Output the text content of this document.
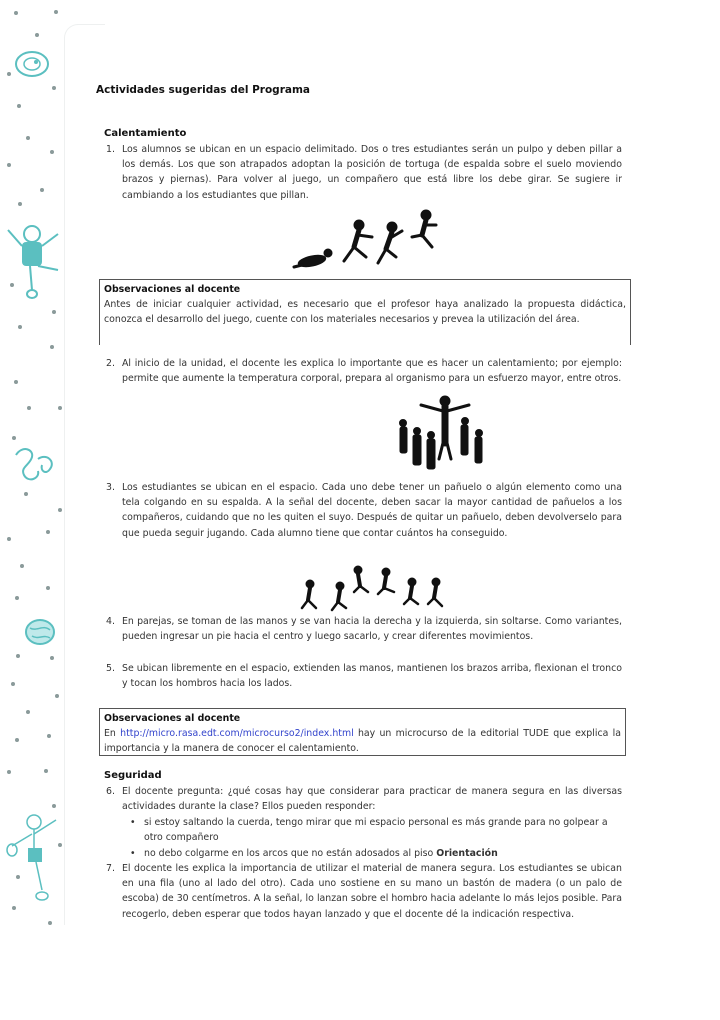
Actividades sugeridas del Programa
Calentamiento
1. Los alumnos se ubican en un espacio delimitado. Dos o tres estudiantes serán un pulpo y deben pillar a los demás. Los que son atrapados adoptan la posición de tortuga (de espalda sobre el suelo moviendo brazos y piernas). Para volver al juego, un compañero que está libre los debe girar. Se sugiere ir cambiando a los estudiantes que pillan.
Observaciones al docente
Antes de iniciar cualquier actividad, es necesario que el profesor haya analizado la propuesta didáctica, conozca el desarrollo del juego, cuente con los materiales necesarios y prevea la utilización del área.
2. Al inicio de la unidad, el docente les explica lo importante que es hacer un calentamiento; por ejemplo: permite que aumente la temperatura corporal, prepara al organismo para un esfuerzo mayor, entre otros.
3. Los estudiantes se ubican en el espacio. Cada uno debe tener un pañuelo o algún elemento como una tela colgando en su espalda. A la señal del docente, deben sacar la mayor cantidad de pañuelos a los compañeros, cuidando que no les quiten el suyo. Después de quitar un pañuelo, deben devolverselo para que pueda seguir jugando. Cada alumno tiene que contar cuántos ha conseguido.
4. En parejas, se toman de las manos y se van hacia la derecha y la izquierda, sin soltarse. Como variantes, pueden ingresar un pie hacia el centro y luego sacarlo, y crear diferentes movimientos.
5. Se ubican libremente en el espacio, extienden las manos, mantienen los brazos arriba, flexionan el tronco y tocan los hombros hacia los lados.
Observaciones al docente
En http://micro.rasa.edt.com/microcurso2/index.html hay un microcurso de la editorial TUDE que explica la importancia y la manera de conocer el calentamiento.
Seguridad
6. El docente pregunta: ¿qué cosas hay que considerar para practicar de manera segura en las diversas actividades durante la clase? Ellos pueden responder:
• si estoy saltando la cuerda, tengo mirar que mi espacio personal es más grande para no golpear a otro compañero
• no debo colgarme en los arcos que no están adosados al piso Orientación
7. El docente les explica la importancia de utilizar el material de manera segura. Los estudiantes se ubican en una fila (uno al lado del otro). Cada uno sostiene en su mano un bastón de madera (o un palo de escoba) de 30 centímetros. A la señal, lo lanzan sobre el hombro hacia adelante lo más lejos posible. Para recogerlo, deben esperar que todos hayan lanzado y que el docente dé la indicación respectiva.
